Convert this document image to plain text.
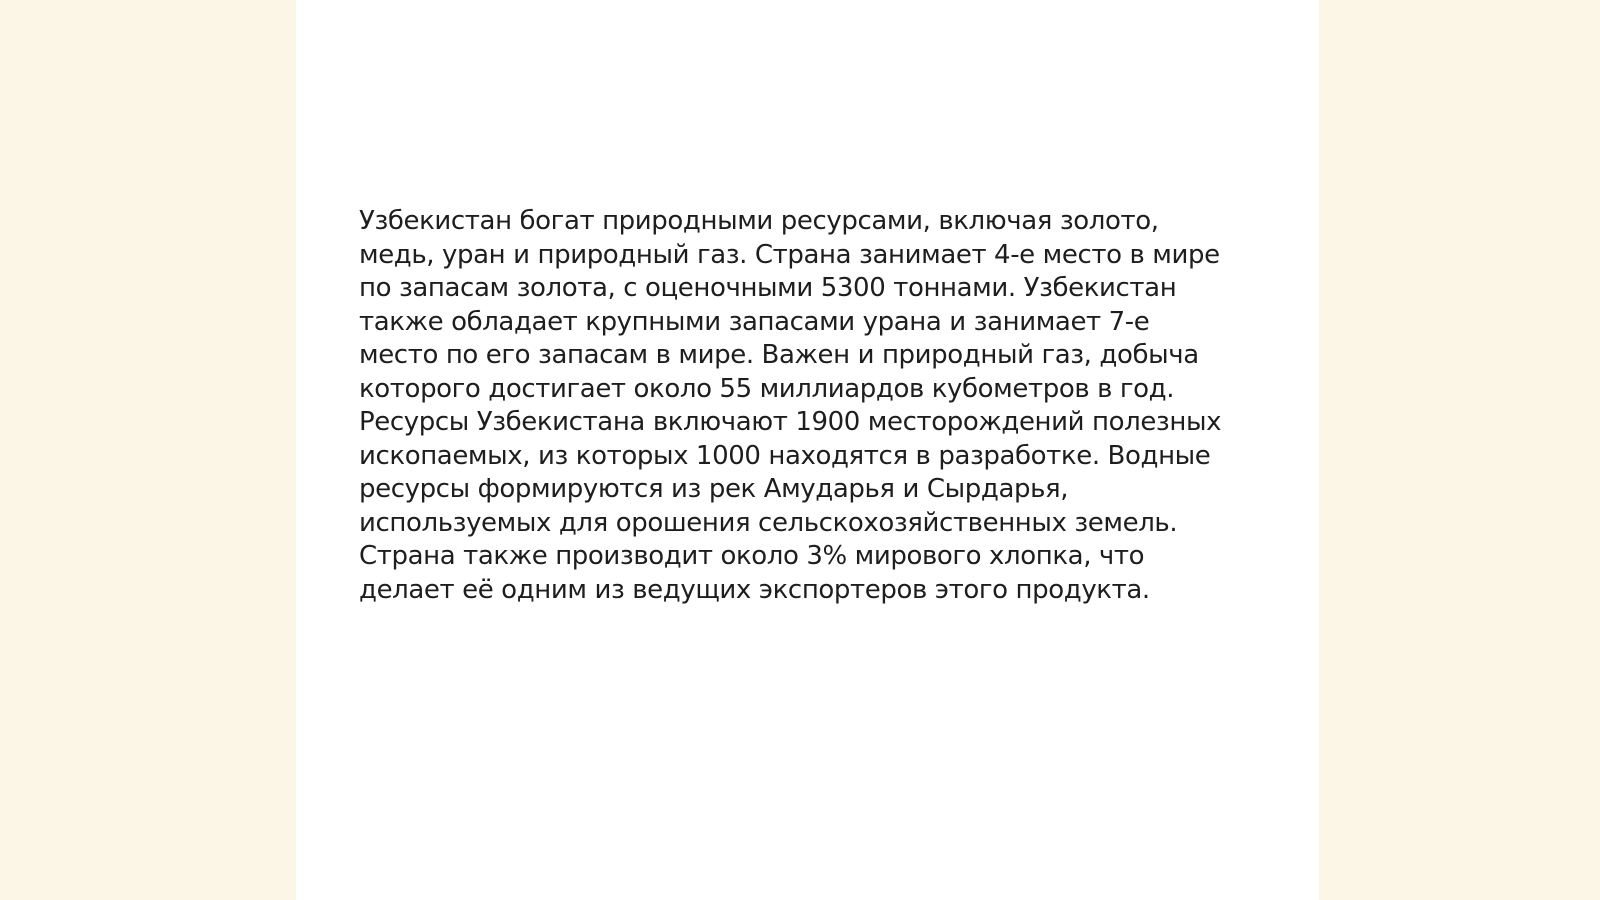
Узбекистан богат природными ресурсами, включая золото,
медь, уран и природный газ. Страна занимает 4-е место в мире
по запасам золота, с оценочными 5300 тоннами. Узбекистан
также обладает крупными запасами урана и занимает 7-е
место по его запасам в мире. Важен и природный газ, добыча
которого достигает около 55 миллиардов кубометров в год.
Ресурсы Узбекистана включают 1900 месторождений полезных
ископаемых, из которых 1000 находятся в разработке. Водные
ресурсы формируются из рек Амударья и Сырдарья,
используемых для орошения сельскохозяйственных земель.
Страна также производит около 3% мирового хлопка, что
делает её одним из ведущих экспортеров этого продукта.
